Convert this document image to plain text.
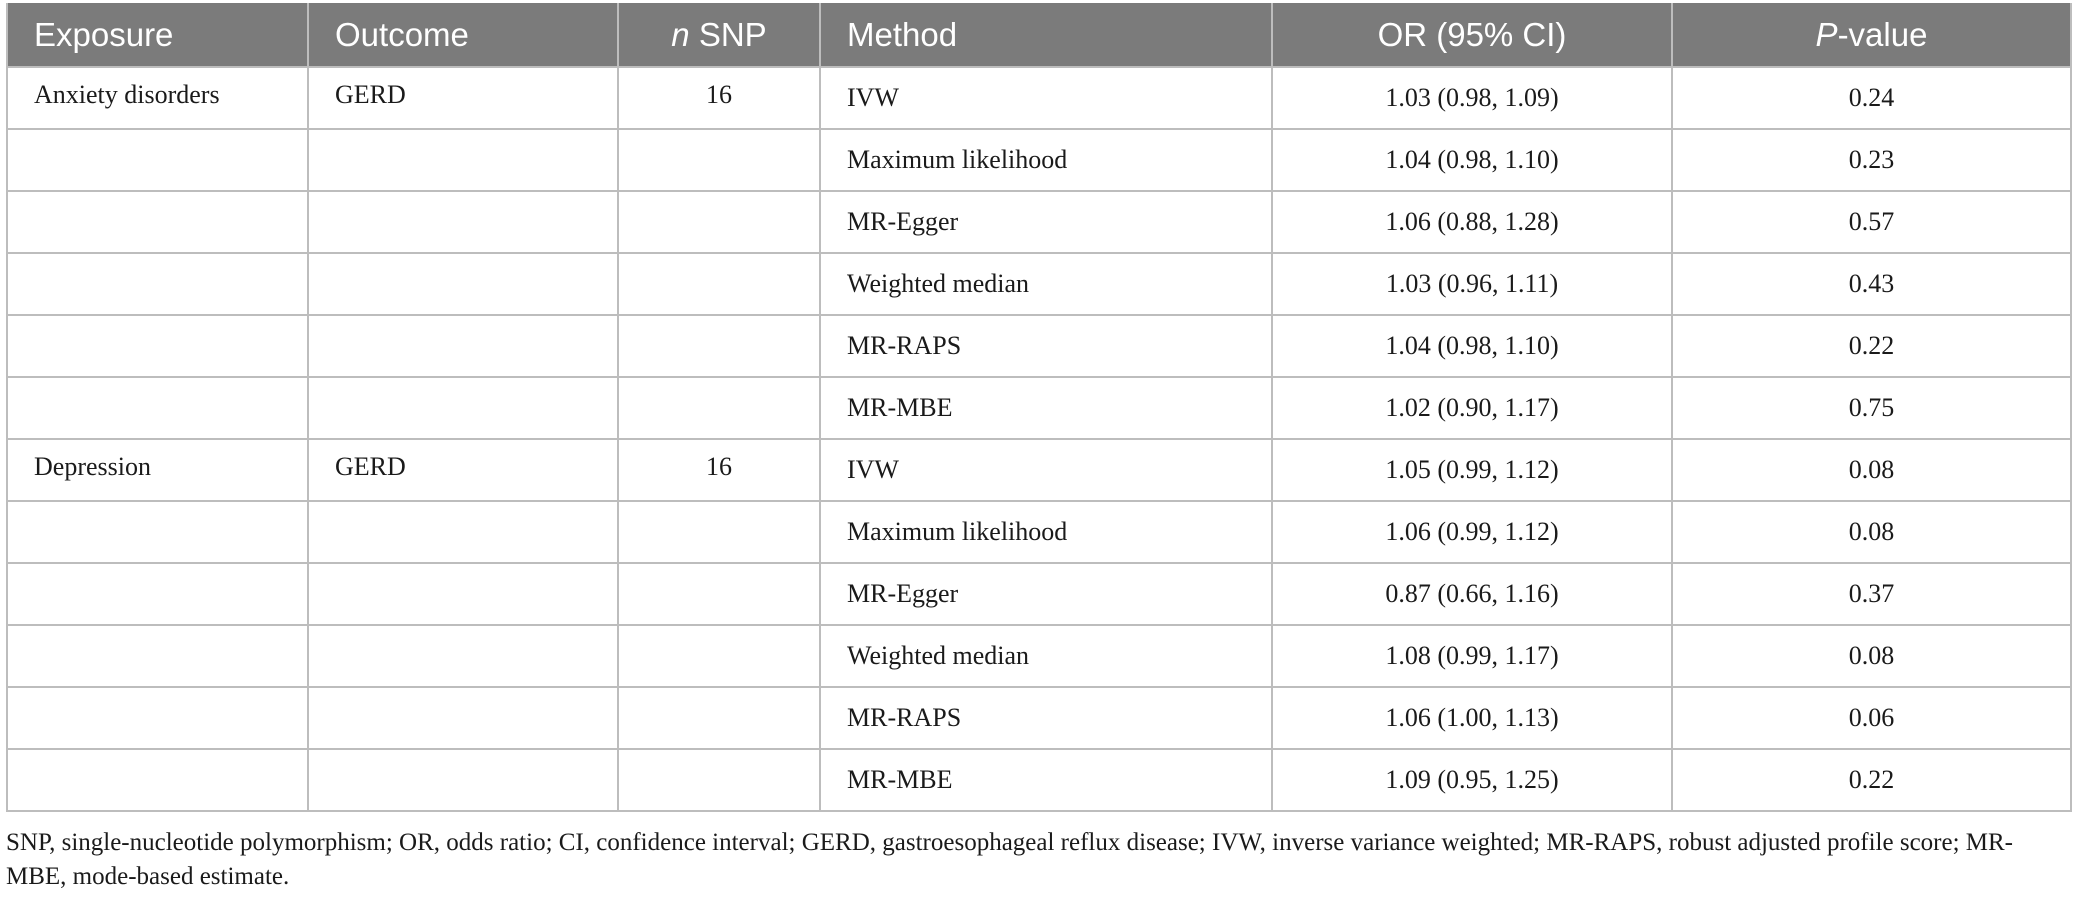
Exposure	Outcome	n SNP	Method	OR (95% CI)	P-value
Anxiety disorders	GERD	16	IVW	1.03 (0.98, 1.09)	0.24
			Maximum likelihood	1.04 (0.98, 1.10)	0.23
			MR-Egger	1.06 (0.88, 1.28)	0.57
			Weighted median	1.03 (0.96, 1.11)	0.43
			MR-RAPS	1.04 (0.98, 1.10)	0.22
			MR-MBE	1.02 (0.90, 1.17)	0.75
Depression	GERD	16	IVW	1.05 (0.99, 1.12)	0.08
			Maximum likelihood	1.06 (0.99, 1.12)	0.08
			MR-Egger	0.87 (0.66, 1.16)	0.37
			Weighted median	1.08 (0.99, 1.17)	0.08
			MR-RAPS	1.06 (1.00, 1.13)	0.06
			MR-MBE	1.09 (0.95, 1.25)	0.22
SNP, single-nucleotide polymorphism; OR, odds ratio; CI, confidence interval; GERD, gastroesophageal reflux disease; IVW, inverse variance weighted; MR-RAPS, robust adjusted profile score; MR-MBE, mode-based estimate.
